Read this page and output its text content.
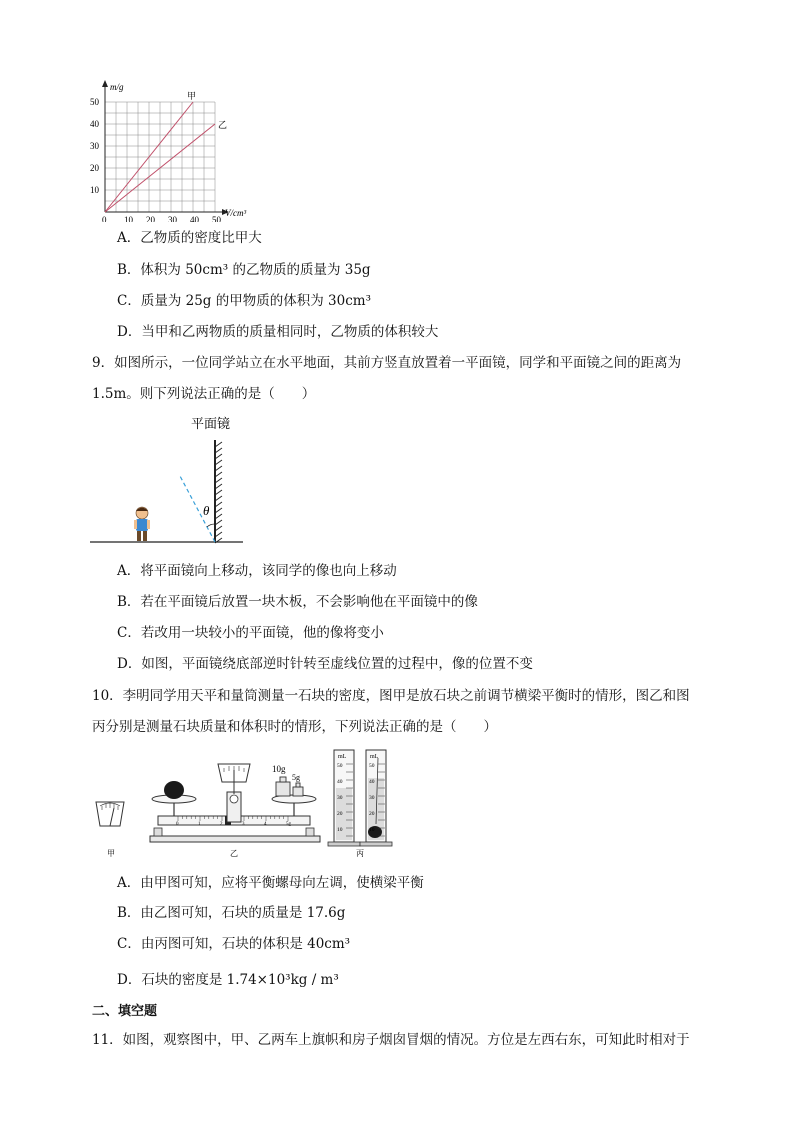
m/g
V/cm³
0 10 20 30 40 50
10
20
30
40
50
甲
乙
A．乙物质的密度比甲大
B．体积为 50cm³ 的乙物质的质量为 35g
C．质量为 25g 的甲物质的体积为 30cm³
D．当甲和乙两物质的质量相同时，乙物质的体积较大
9．如图所示，一位同学站立在水平地面，其前方竖直放置着一平面镜，同学和平面镜之间的距离为
1.5m。则下列说法正确的是（　　）
平面镜
θ
A．将平面镜向上移动，该同学的像也向上移动
B．若在平面镜后放置一块木板，不会影响他在平面镜中的像
C．若改用一块较小的平面镜，他的像将变小
D．如图，平面镜绕底部逆时针转至虚线位置的过程中，像的位置不变
10．李明同学用天平和量筒测量一石块的密度，图甲是放石块之前调节横梁平衡时的情形，图乙和图
丙分别是测量石块质量和体积时的情形，下列说法正确的是（　　）
甲
0	1	2	3	4	5g
10g
5g
乙
50
40
30
20
10
50
40
30
20
10
mL	mL
丙
A．由甲图可知，应将平衡螺母向左调，使横梁平衡
B．由乙图可知，石块的质量是 17.6g
C．由丙图可知，石块的体积是 40cm³
D．石块的密度是 1.74×10³kg / m³
二、填空题
11．如图，观察图中，甲、乙两车上旗帜和房子烟囱冒烟的情况。方位是左西右东，可知此时相对于
